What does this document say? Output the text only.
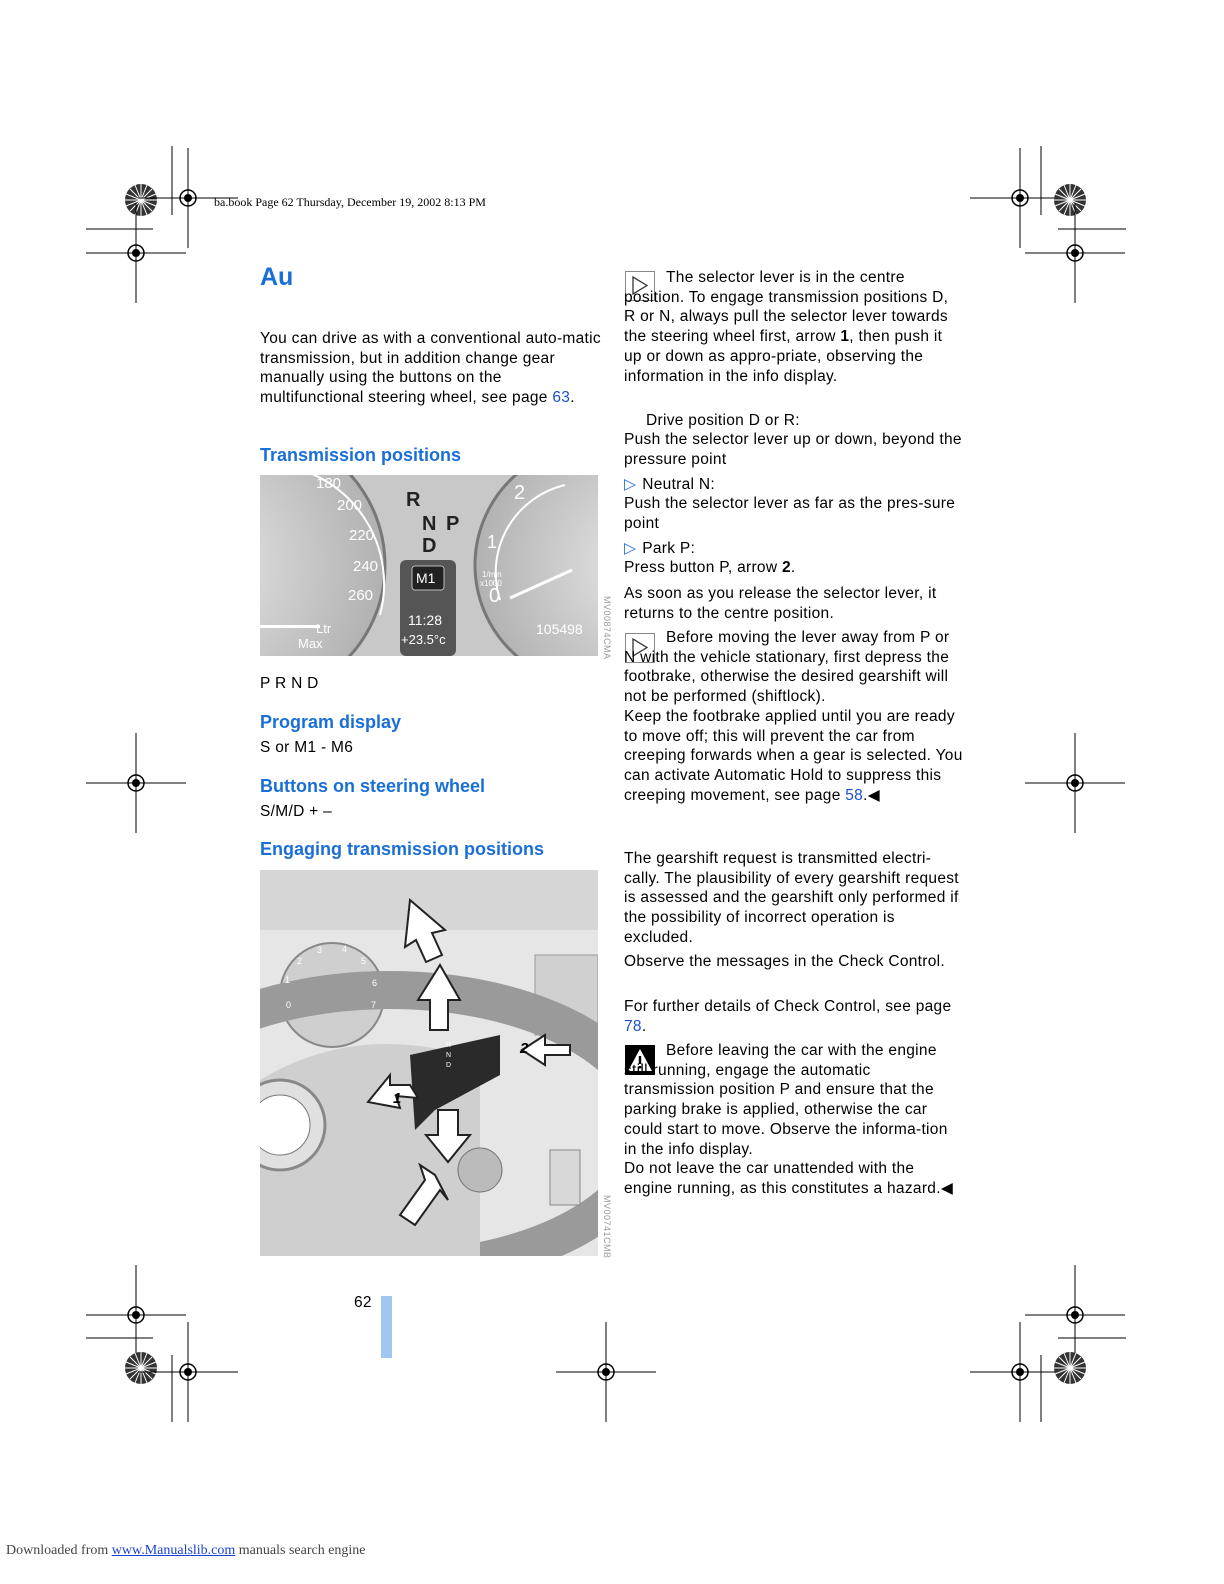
ba.book Page 62 Thursday, December 19, 2002 8:13 PM
Au
You can drive as with a conventional auto-matic transmission, but in addition change gear manually using the buttons on the multifunctional steering wheel, see page 63.
Transmission positions
180
200
220
240
260
R
N P
D
M1
11:28
+23.5°c
105498
Ltr
Max
2
1
0
1/min
x1000
MV00874CMA
P R N D
Program display
S or M1 - M6
Buttons on steering wheel
S/M/D + –
Engaging transmission positions
1
2
1
2
3 4
5
6
7
0
R
N
D
MV00741CMB
The selector lever is in the centre position. To engage transmission positions D, R or N, always pull the selector lever towards the steering wheel first, arrow 1, then push it up or down as appro-priate, observing the information in the info display.
Drive position D or R:
Push the selector lever up or down, beyond the pressure point
▷ Neutral N:
Push the selector lever as far as the pres-sure point
▷ Park P:
Press button P, arrow 2.
As soon as you release the selector lever, it returns to the centre position.
Before moving the lever away from P or N with the vehicle stationary, first depress the footbrake, otherwise the desired gearshift will not be performed (shiftlock).
Keep the footbrake applied until you are ready to move off; this will prevent the car from creeping forwards when a gear is selected. You can activate Automatic Hold to suppress this creeping movement, see page 58.◀
The gearshift request is transmitted electri-cally. The plausibility of every gearshift request is assessed and the gearshift only performed if the possibility of incorrect operation is excluded.
Observe the messages in the Check Control.
For further details of Check Control, see page 78.
Before leaving the car with the engine still running, engage the automatic transmission position P and ensure that the parking brake is applied, otherwise the car could start to move. Observe the informa-tion in the info display.
Do not leave the car unattended with the engine running, as this constitutes a hazard.◀
62
Downloaded from www.Manualslib.com manuals search engine
